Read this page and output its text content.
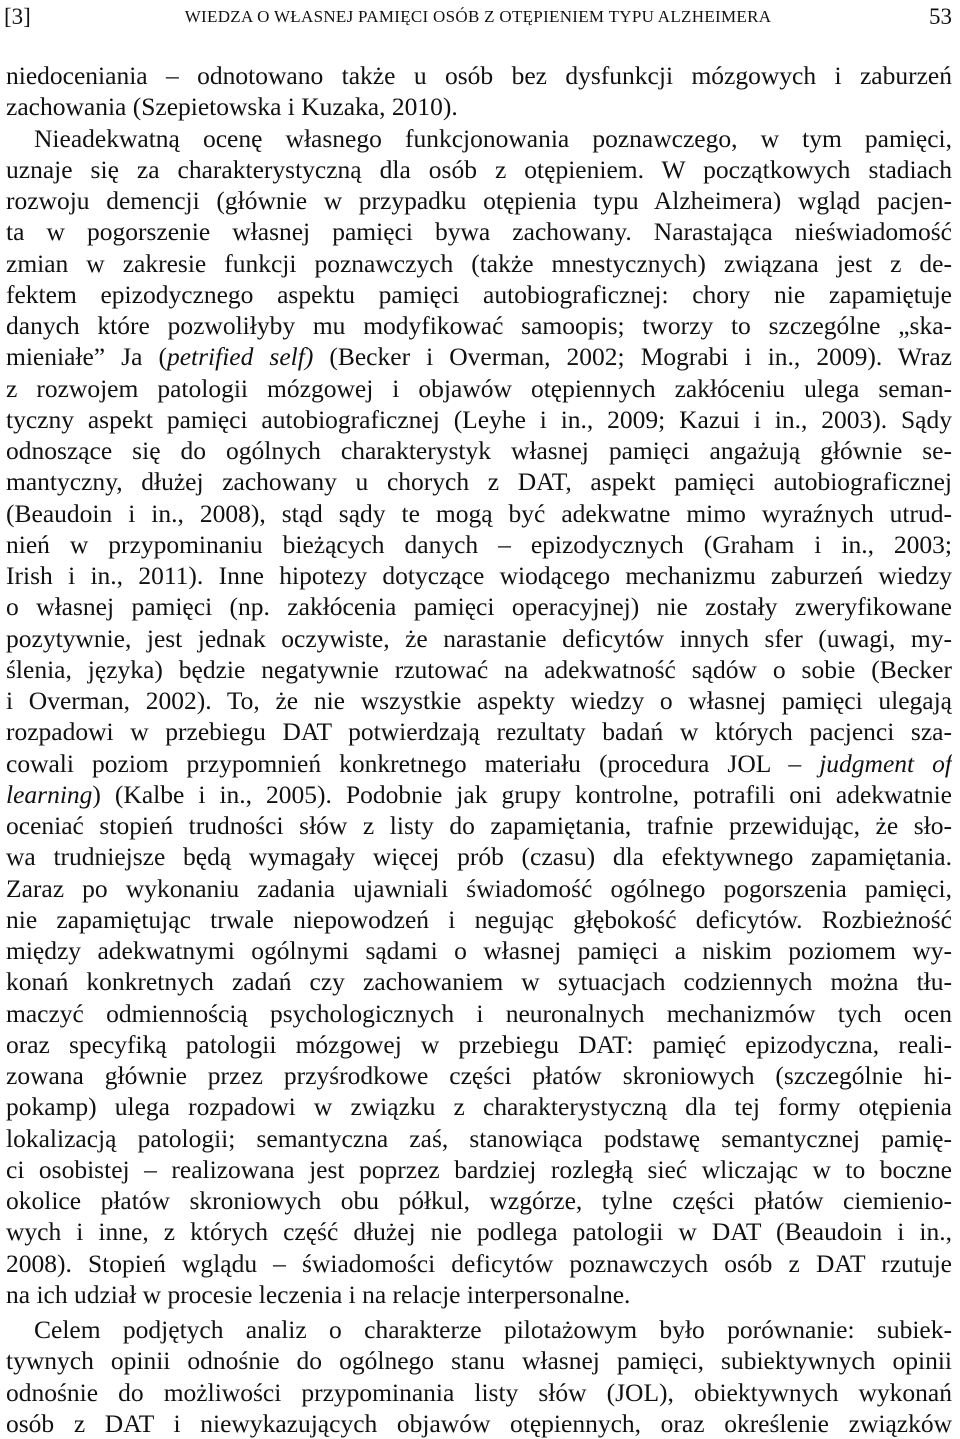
[3]	WIEDZA O WŁASNEJ PAMIĘCI OSÓB Z OTĘPIENIEM TYPU ALZHEIMERA	53
niedoceniania – odnotowano także u osób bez dysfunkcji mózgowych i zaburzeń
zachowania (Szepietowska i Kuzaka, 2010).
Nieadekwatną ocenę własnego funkcjonowania poznawczego, w tym pamięci,
uznaje się za charakterystyczną dla osób z otępieniem. W początkowych stadiach
rozwoju demencji (głównie w przypadku otępienia typu Alzheimera) wgląd pacjen-
ta w pogorszenie własnej pamięci bywa zachowany. Narastająca nieświadomość
zmian w zakresie funkcji poznawczych (także mnestycznych) związana jest z de-
fektem epizodycznego aspektu pamięci autobiograficznej: chory nie zapamiętuje
danych które pozwoliłyby mu modyfikować samoopis; tworzy to szczególne „ska-
mieniałe” Ja (petrified self) (Becker i Overman, 2002; Mograbi i in., 2009). Wraz
z rozwojem patologii mózgowej i objawów otępiennych zakłóceniu ulega seman-
tyczny aspekt pamięci autobiograficznej (Leyhe i in., 2009; Kazui i in., 2003). Sądy
odnoszące się do ogólnych charakterystyk własnej pamięci angażują głównie se-
mantyczny, dłużej zachowany u chorych z DAT, aspekt pamięci autobiograficznej
(Beaudoin i in., 2008), stąd sądy te mogą być adekwatne mimo wyraźnych utrud-
nień w przypominaniu bieżących danych – epizodycznych (Graham i in., 2003;
Irish i in., 2011). Inne hipotezy dotyczące wiodącego mechanizmu zaburzeń wiedzy
o własnej pamięci (np. zakłócenia pamięci operacyjnej) nie zostały zweryfikowane
pozytywnie, jest jednak oczywiste, że narastanie deficytów innych sfer (uwagi, my-
ślenia, języka) będzie negatywnie rzutować na adekwatność sądów o sobie (Becker
i Overman, 2002). To, że nie wszystkie aspekty wiedzy o własnej pamięci ulegają
rozpadowi w przebiegu DAT potwierdzają rezultaty badań w których pacjenci sza-
cowali poziom przypomnień konkretnego materiału (procedura JOL – judgment of
learning) (Kalbe i in., 2005). Podobnie jak grupy kontrolne, potrafili oni adekwatnie
oceniać stopień trudności słów z listy do zapamiętania, trafnie przewidując, że sło-
wa trudniejsze będą wymagały więcej prób (czasu) dla efektywnego zapamiętania.
Zaraz po wykonaniu zadania ujawniali świadomość ogólnego pogorszenia pamięci,
nie zapamiętując trwale niepowodzeń i negując głębokość deficytów. Rozbieżność
między adekwatnymi ogólnymi sądami o własnej pamięci a niskim poziomem wy-
konań konkretnych zadań czy zachowaniem w sytuacjach codziennych można tłu-
maczyć odmiennością psychologicznych i neuronalnych mechanizmów tych ocen
oraz specyfiką patologii mózgowej w przebiegu DAT: pamięć epizodyczna, reali-
zowana głównie przez przyśrodkowe części płatów skroniowych (szczególnie hi-
pokamp) ulega rozpadowi w związku z charakterystyczną dla tej formy otępienia
lokalizacją patologii; semantyczna zaś, stanowiąca podstawę semantycznej pamię-
ci osobistej – realizowana jest poprzez bardziej rozległą sieć wliczając w to boczne
okolice płatów skroniowych obu półkul, wzgórze, tylne części płatów ciemienio-
wych i inne, z których część dłużej nie podlega patologii w DAT (Beaudoin i in.,
2008). Stopień wglądu – świadomości deficytów poznawczych osób z DAT rzutuje
na ich udział w procesie leczenia i na relacje interpersonalne.
Celem podjętych analiz o charakterze pilotażowym było porównanie: subiek-
tywnych opinii odnośnie do ogólnego stanu własnej pamięci, subiektywnych opinii
odnośnie do możliwości przypominania listy słów (JOL), obiektywnych wykonań
osób z DAT i niewykazujących objawów otępiennych, oraz określenie związków
